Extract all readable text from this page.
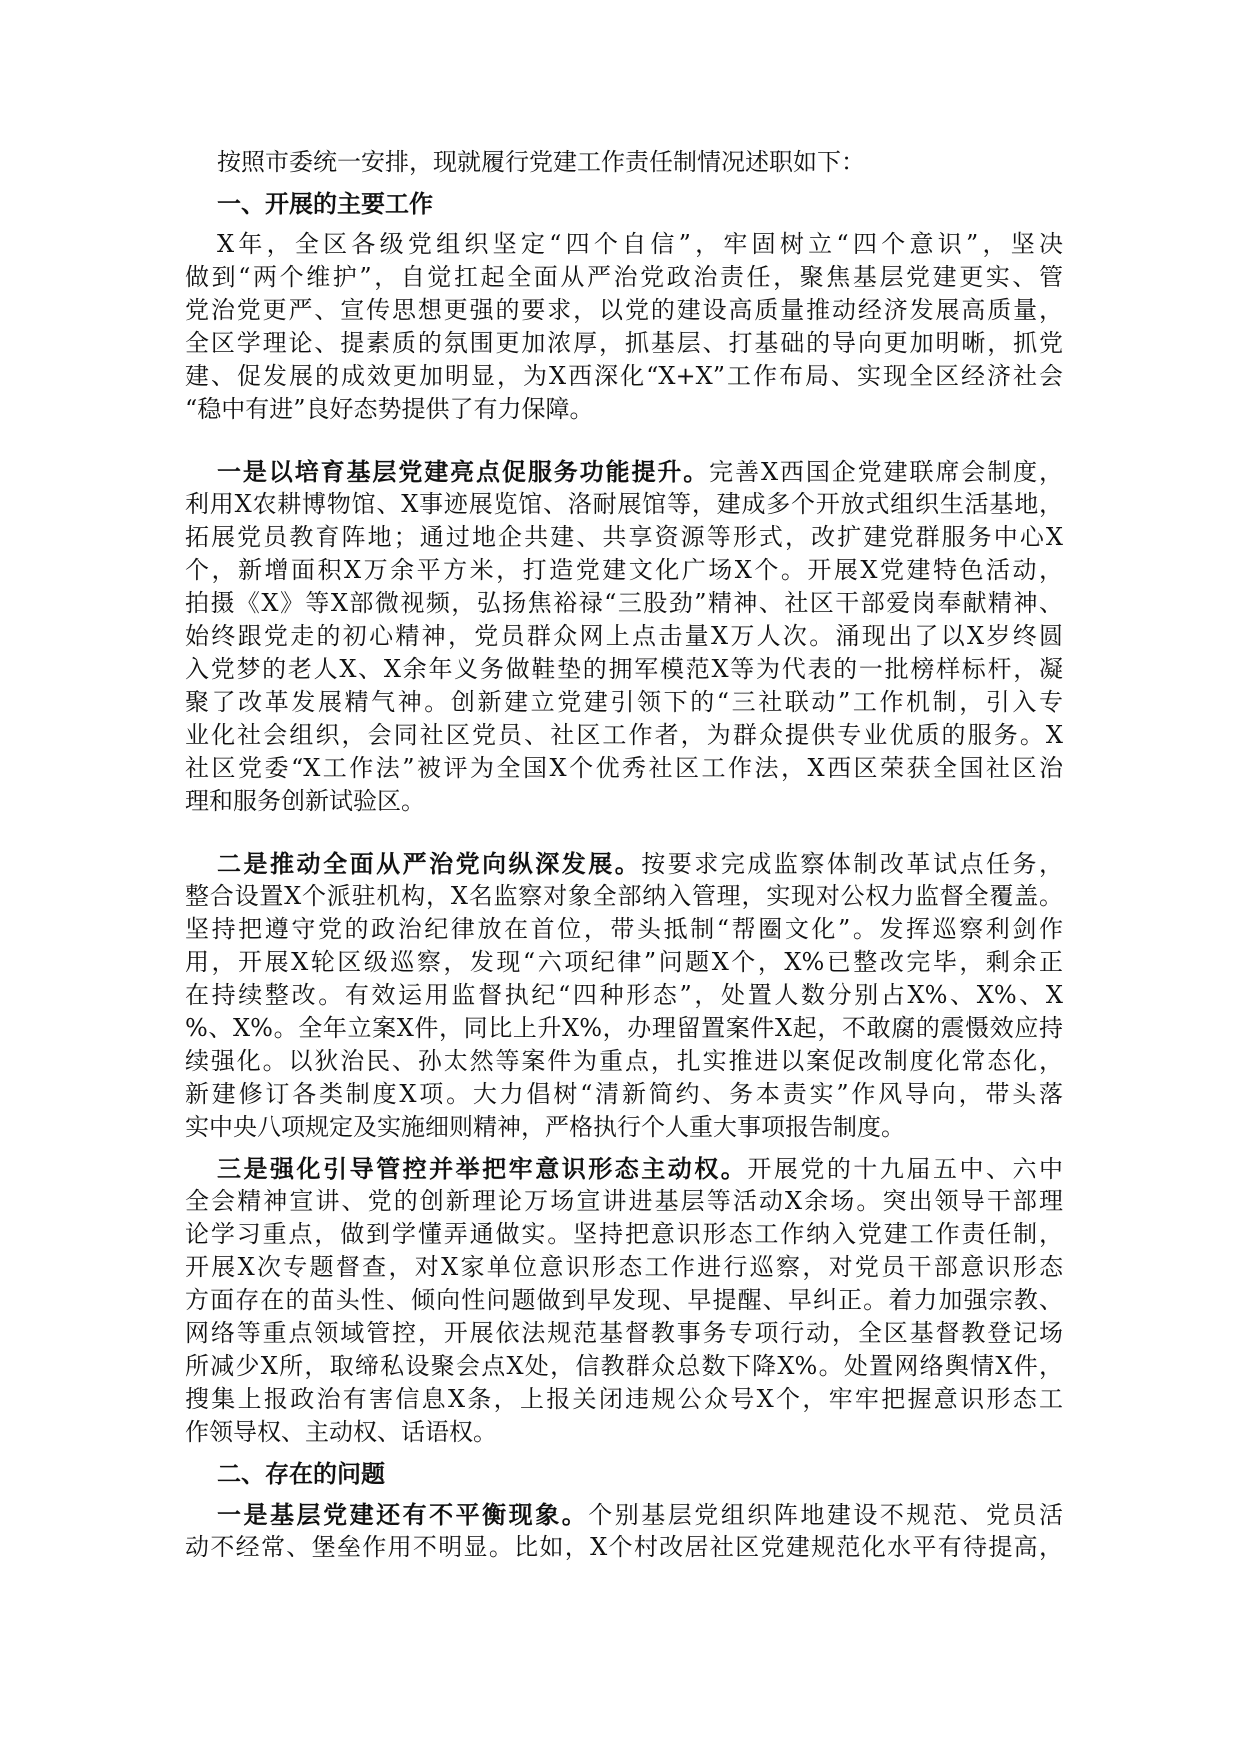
按照市委统一安排，现就履行党建工作责任制情况述职如下：

一、开展的主要工作

X年，全区各级党组织坚定“四个自信”，牢固树立“四个意识”，坚决
做到“两个维护”，自觉扛起全面从严治党政治责任，聚焦基层党建更实、管
党治党更严、宣传思想更强的要求，以党的建设高质量推动经济发展高质量，
全区学理论、提素质的氛围更加浓厚，抓基层、打基础的导向更加明晰，抓党
建、促发展的成效更加明显，为X西深化“X+X”工作布局、实现全区经济社会
“稳中有进”良好态势提供了有力保障。

一是以培育基层党建亮点促服务功能提升。完善X西国企党建联席会制度，
利用X农耕博物馆、X事迹展览馆、洛耐展馆等，建成多个开放式组织生活基地，
拓展党员教育阵地；通过地企共建、共享资源等形式，改扩建党群服务中心X
个，新增面积X万余平方米，打造党建文化广场X个。开展X党建特色活动，
拍摄《X》等X部微视频，弘扬焦裕禄“三股劲”精神、社区干部爱岗奉献精神、
始终跟党走的初心精神，党员群众网上点击量X万人次。涌现出了以X岁终圆
入党梦的老人X、X余年义务做鞋垫的拥军模范X等为代表的一批榜样标杆，凝
聚了改革发展精气神。创新建立党建引领下的“三社联动”工作机制，引入专
业化社会组织，会同社区党员、社区工作者，为群众提供专业优质的服务。X
社区党委“X工作法”被评为全国X个优秀社区工作法，X西区荣获全国社区治
理和服务创新试验区。

二是推动全面从严治党向纵深发展。按要求完成监察体制改革试点任务，
整合设置X个派驻机构，X名监察对象全部纳入管理，实现对公权力监督全覆盖。
坚持把遵守党的政治纪律放在首位，带头抵制“帮圈文化”。发挥巡察利剑作
用，开展X轮区级巡察，发现“六项纪律”问题X个，X%已整改完毕，剩余正
在持续整改。有效运用监督执纪“四种形态”，处置人数分别占X%、X%、X
%、X%。全年立案X件，同比上升X%，办理留置案件X起，不敢腐的震慑效应持
续强化。以狄治民、孙太然等案件为重点，扎实推进以案促改制度化常态化，
新建修订各类制度X项。大力倡树“清新简约、务本责实”作风导向，带头落
实中央八项规定及实施细则精神，严格执行个人重大事项报告制度。

三是强化引导管控并举把牢意识形态主动权。开展党的十九届五中、六中
全会精神宣讲、党的创新理论万场宣讲进基层等活动X余场。突出领导干部理
论学习重点，做到学懂弄通做实。坚持把意识形态工作纳入党建工作责任制，
开展X次专题督查，对X家单位意识形态工作进行巡察，对党员干部意识形态
方面存在的苗头性、倾向性问题做到早发现、早提醒、早纠正。着力加强宗教、
网络等重点领域管控，开展依法规范基督教事务专项行动，全区基督教登记场
所减少X所，取缔私设聚会点X处，信教群众总数下降X%。处置网络舆情X件，
搜集上报政治有害信息X条，上报关闭违规公众号X个，牢牢把握意识形态工
作领导权、主动权、话语权。

二、存在的问题

一是基层党建还有不平衡现象。个别基层党组织阵地建设不规范、党员活
动不经常、堡垒作用不明显。比如，X个村改居社区党建规范化水平有待提高，
